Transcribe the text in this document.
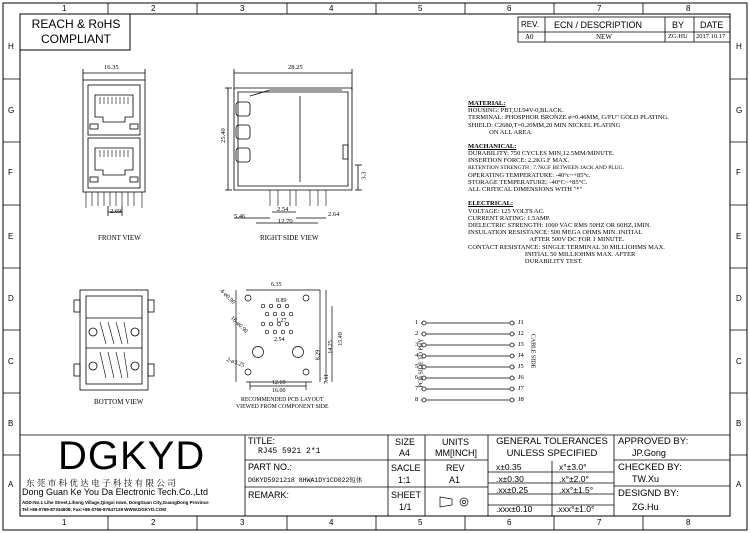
1	2	3	4	5	6	7	8
1	2	3	4	5	6	7	8
H
G
F
E
D
C
B
A
H
G
F
E
D
C
B
A
REACH & RoHS
COMPLIANT
REV. ECN / DESCRIPTION	BY DATE
A0	NEW	ZG.HU 2017.10.17
16.35
2.69
FRONT VIEW
28.25
25.40
5.46
2.54
12.70
2.64
3.3
RIGHT SIDE VIEW
BOTTOM VIEW
6.35
8.89
4-ø0.90
16-ø0.90	1.27
2.54	15.49
14.25
8.29
7.11
2-ø3.25
12.69
16.00
RECOMMENDED PCB LAYOUT
VIEWED FROM COMPONENT SIDE
MATERIAL:
HOUSING: PBT,UL94V-0,BLACK.
TERMINAL: PHOSPHOR BRONZE ø=0.46MM, G/FU" GOLD PLATING.
SHIELD: C2680,T=0.20MM,20 MIN NICKEL PLATING
ON ALL AREA.
MACHANICAL:
DURABILITY: 750 CYCLES MIN,12.5MM/MINUTE.
INSERTION FORCE: 2.2KG.F MAX.
RETENTION STRENGTH : 7.7KGF BETWEEN JACK AND PLUG.
OPERATING TEMPERATURE: -40°c~+85°c.
STORAGE TEMPERATURE: -40°C~+85°C.
ALL CRITICAL DIMENSIONS WITH "*"
ELECTRICAL:
VOLTAGE: 125 VOLTS AC.
CURRENT RATING: 1.5AMP.
DIELECTRIC STRENGTH: 1000 VAC RMS 50HZ OR 60HZ,1MIN.
INSULATION RESISTANCE: 500 MEGA OHMS MIN. INITIAL
AFTER 500V DC FOR 1 MINUTE.
CONTACT RESISTANCE: SINGLE TERMINAL 30 MILLIOHMS MAX.
INITIAL 50 MILLIOHMS MAX. AFTER
DURABILITY TEST.
PCB SIDE TO PHY	CABLE SIDE
1
2
3
4
5
6
7
8
J1
J2
J3
J4
J5
J6
J7
J8
DGKYD
东 莞 市 科 优 达 电 子 科 技 有 限 公 司
Dong Guan Ke You Da Electronic Tech.Co.,Ltd
ADD:No.1 Lihe Street,Lihong Village,Qingxi town, DongGuan City,GuangDong Province
Tel:+86-0769-87334608; Fax:+86-0769-87647129 WWW.DGKYD.COM
TITLE:
RJ45 5921 2*1
PART NO.:
DGKYD5921218 8HWA1DY1CD022短体
REMARK:
SIZE
A4
UNITS
MM[INCH]
SACLE
1:1
REV
A1
SHEET
1/1
GENERAL TOLERANCES
UNLESS SPECIFIED
x±0.35	x°±3.0°
.x±0.30	.x°±2.0°
.xx±0.25	.xx°±1.5°
.xxx±0.10	.xxx°±1.0°
APPROVED BY:
JP.Gong
CHECKED BY:
TW.Xu
DESIGND BY:
ZG.Hu
